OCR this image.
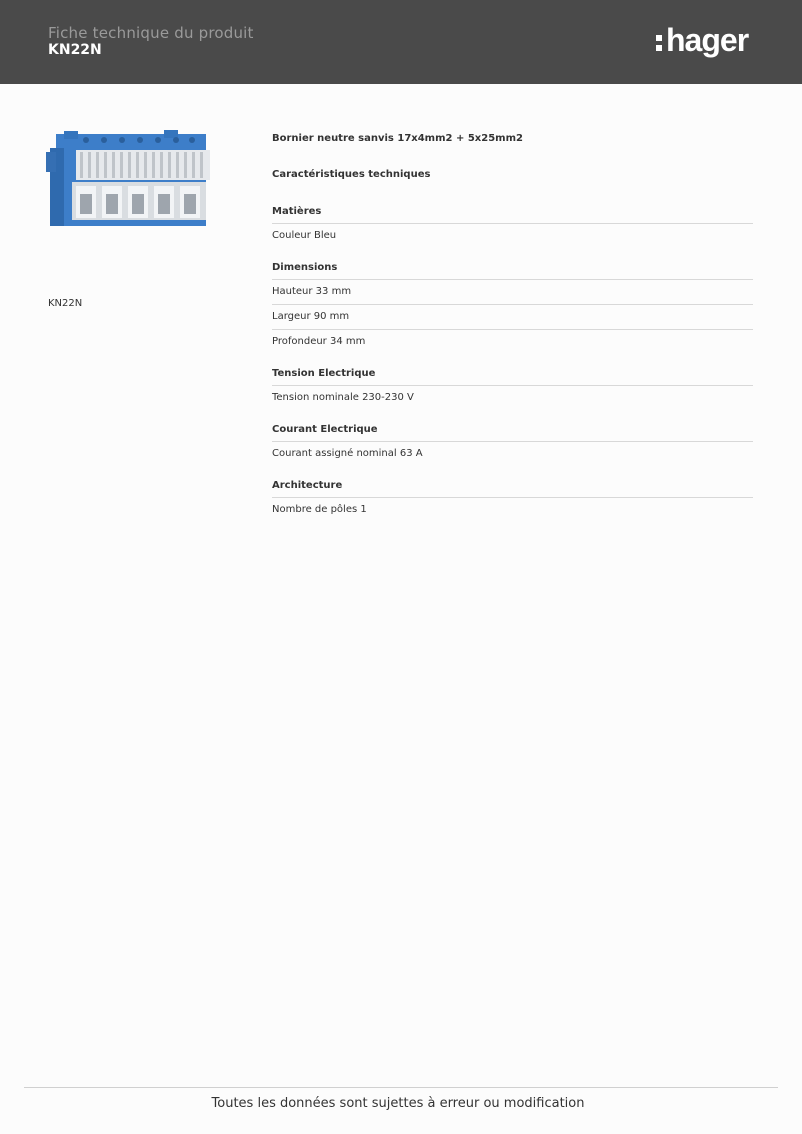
Fiche technique du produit
KN22N	hager
KN22N
Bornier neutre sanvis 17x4mm2 + 5x25mm2
Caractéristiques techniques
Matières
Couleur Bleu
Dimensions
Hauteur 33 mm
Largeur 90 mm
Profondeur 34 mm
Tension Electrique
Tension nominale 230-230 V
Courant Electrique
Courant assigné nominal 63 A
Architecture
Nombre de pôles 1
Toutes les données sont sujettes à erreur ou modification
